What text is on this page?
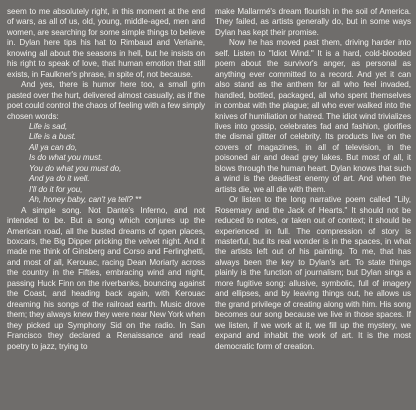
seem to me absolutely right, in this moment at the end of wars, as all of us, old, young, middle-aged, men and women, are searching for some simple things to believe in. Dylan here tips his hat to Rimbaud and Verlaine, knowing all about the seasons in hell, but he insists on his right to speak of love, that human emotion that still exists, in Faulkner's phrase, in spite of, not because.

And yes, there is humor here too, a small grin pasted over the hurt, delivered almost casually, as if the poet could control the chaos of feeling with a few simply chosen words:

Life is sad,
Life is a bust.
All ya can do,
Is do what you must.
You do what you must do,
And ya do it well.
I'll do it for you,
Ah, honey baby, can't ya tell? **

A simple song. Not Dante's Inferno, and not intended to be. But a song which conjures up the American road, all the busted dreams of open places, boxcars, the Big Dipper pricking the velvet night. And it made me think of Ginsberg and Corso and Ferlinghetti, and most of all, Kerouac, racing Dean Moriarty across the country in the Fifties, embracing wind and night, passing Huck Finn on the riverbanks, bouncing against the Coast, and heading back again, with Kerouac dreaming his songs of the railroad earth. Music drove them; they always knew they were near New York when they picked up Symphony Sid on the radio. In San Francisco they declared a Renaissance and read poetry to jazz, trying to

make Mallarmé's dream flourish in the soil of America. They failed, as artists generally do, but in some ways Dylan has kept their promise.

Now he has moved past them, driving harder into self. Listen to "Idiot Wind." It is a hard, cold-blooded poem about the survivor's anger, as personal as anything ever committed to a record. And yet it can also stand as the anthem for all who feel invaded, handled, bottled, packaged, all who spent themselves in combat with the plague; all who ever walked into the knives of humiliation or hatred. The idiot wind trivializes lives into gossip, celebrates fad and fashion, glorifies the dismal glitter of celebrity. Its products live on the covers of magazines, in all of television, in the poisoned air and dead grey lakes. But most of all, it blows through the human heart. Dylan knows that such a wind is the deadliest enemy of art. And when the artists die, we all die with them.

Or listen to the long narrative poem called "Lily, Rosemary and the Jack of Hearts." It should not be reduced to notes, or taken out of context; it should be experienced in full. The compression of story is masterful, but its real wonder is in the spaces, in what the artists left out of his painting. To me, that has always been the key to Dylan's art. To state things plainly is the function of journalism; but Dylan sings a more fugitive song: allusive, symbolic, full of imagery and ellipses, and by leaving things out, he allows us the grand privilege of creating along with him. His song becomes our song because we live in those spaces. If we listen, if we work at it, we fill up the mystery, we expand and inhabit the work of art. It is the most democratic form of creation.
